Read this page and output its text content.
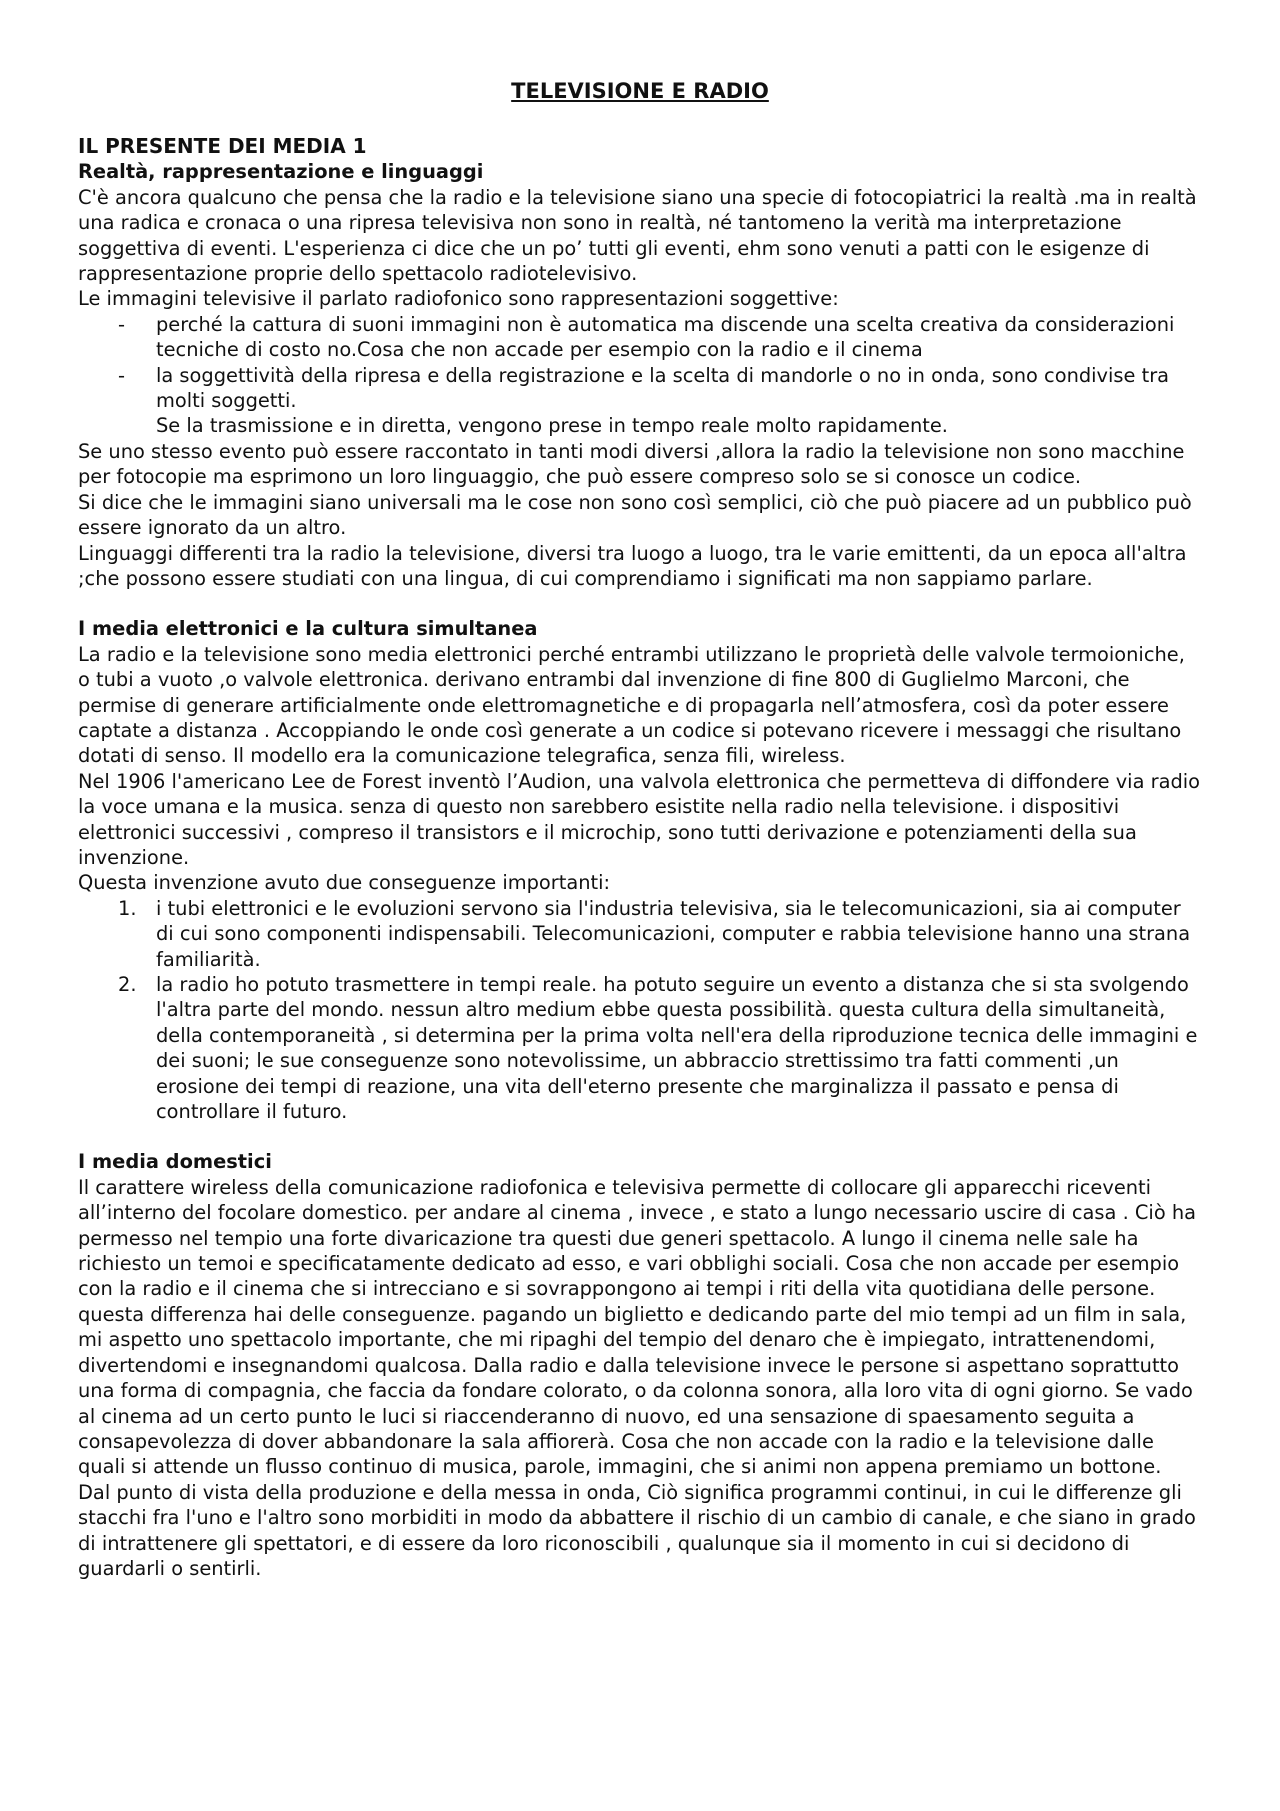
TELEVISIONE E RADIO

IL PRESENTE DEI MEDIA 1

Realtà, rappresentazione e linguaggi

C'è ancora qualcuno che pensa che la radio e la televisione siano una specie di fotocopiatrici la realtà .ma in realtà una radica e cronaca o una ripresa televisiva non sono in realtà, né tantomeno la verità ma interpretazione soggettiva di eventi. L'esperienza ci dice che un po’ tutti gli eventi, ehm sono venuti a patti con le esigenze di rappresentazione proprie dello spettacolo radiotelevisivo.

Le immagini televisive il parlato radiofonico sono rappresentazioni soggettive:

- perché la cattura di suoni immagini non è automatica ma discende una scelta creativa da considerazioni tecniche di costo no.Cosa che non accade per esempio con la radio e il cinema
- la soggettività della ripresa e della registrazione e la scelta di mandorle o no in onda, sono condivise tra molti soggetti.

Se la trasmissione e in diretta, vengono prese in tempo reale molto rapidamente.

Se uno stesso evento può essere raccontato in tanti modi diversi ,allora la radio la televisione non sono macchine per fotocopie ma esprimono un loro linguaggio, che può essere compreso solo se si conosce un codice.

Si dice che le immagini siano universali ma le cose non sono così semplici, ciò che può piacere ad un pubblico può essere ignorato da un altro.

Linguaggi differenti tra la radio la televisione, diversi tra luogo a luogo, tra le varie emittenti, da un epoca all'altra ;che possono essere studiati con una lingua, di cui comprendiamo i significati ma non sappiamo parlare.

I media elettronici e la cultura simultanea

La radio e la televisione sono media elettronici perché entrambi utilizzano le proprietà delle valvole termoioniche, o tubi a vuoto ,o valvole elettronica. derivano entrambi dal invenzione di fine 800 di Guglielmo Marconi, che permise di generare artificialmente onde elettromagnetiche e di propagarla nell’atmosfera, così da poter essere captate a distanza . Accoppiando le onde così generate a un codice si potevano ricevere i messaggi che risultano dotati di senso. Il modello era la comunicazione telegrafica, senza fili, wireless.

Nel 1906 l'americano Lee de Forest inventò l’Audion, una valvola elettronica che permetteva di diffondere via radio la voce umana e la musica. senza di questo non sarebbero esistite nella radio nella televisione. i dispositivi elettronici successivi , compreso il transistors e il microchip, sono tutti derivazione e potenziamenti della sua invenzione.

Questa invenzione avuto due conseguenze importanti:

1. i tubi elettronici e le evoluzioni servono sia l'industria televisiva, sia le telecomunicazioni, sia ai computer di cui sono componenti indispensabili. Telecomunicazioni, computer e rabbia televisione hanno una strana familiarità.
2. la radio ho potuto trasmettere in tempi reale. ha potuto seguire un evento a distanza che si sta svolgendo l'altra parte del mondo. nessun altro medium ebbe questa possibilità. questa cultura della simultaneità, della contemporaneità , si determina per la prima volta nell'era della riproduzione tecnica delle immagini e dei suoni; le sue conseguenze sono notevolissime, un abbraccio strettissimo tra fatti commenti ,un erosione dei tempi di reazione, una vita dell'eterno presente che marginalizza il passato e pensa di controllare il futuro.

I media domestici

Il carattere wireless della comunicazione radiofonica e televisiva permette di collocare gli apparecchi riceventi all’interno del focolare domestico. per andare al cinema , invece , e stato a lungo necessario uscire di casa . Ciò ha permesso nel tempio una forte divaricazione tra questi due generi spettacolo. A lungo il cinema nelle sale ha richiesto un temoi e specificatamente dedicato ad esso, e vari obblighi sociali. Cosa che non accade per esempio con la radio e il cinema che si intrecciano e si sovrappongono ai tempi i riti della vita quotidiana delle persone. questa differenza hai delle conseguenze. pagando un biglietto e dedicando parte del mio tempi ad un film in sala, mi aspetto uno spettacolo importante, che mi ripaghi del tempio del denaro che è impiegato, intrattenendomi, divertendomi e insegnandomi qualcosa. Dalla radio e dalla televisione invece le persone si aspettano soprattutto una forma di compagnia, che faccia da fondare colorato, o da colonna sonora, alla loro vita di ogni giorno. Se vado al cinema ad un certo punto le luci si riaccenderanno di nuovo, ed una sensazione di spaesamento seguita a consapevolezza di dover abbandonare la sala affiorerà. Cosa che non accade con la radio e la televisione dalle quali si attende un flusso continuo di musica, parole, immagini, che si animi non appena premiamo un bottone.

Dal punto di vista della produzione e della messa in onda, Ciò significa programmi continui, in cui le differenze gli stacchi fra l'uno e l'altro sono morbiditi in modo da abbattere il rischio di un cambio di canale, e che siano in grado di intrattenere gli spettatori, e di essere da loro riconoscibili , qualunque sia il momento in cui si decidono di guardarli o sentirli.
